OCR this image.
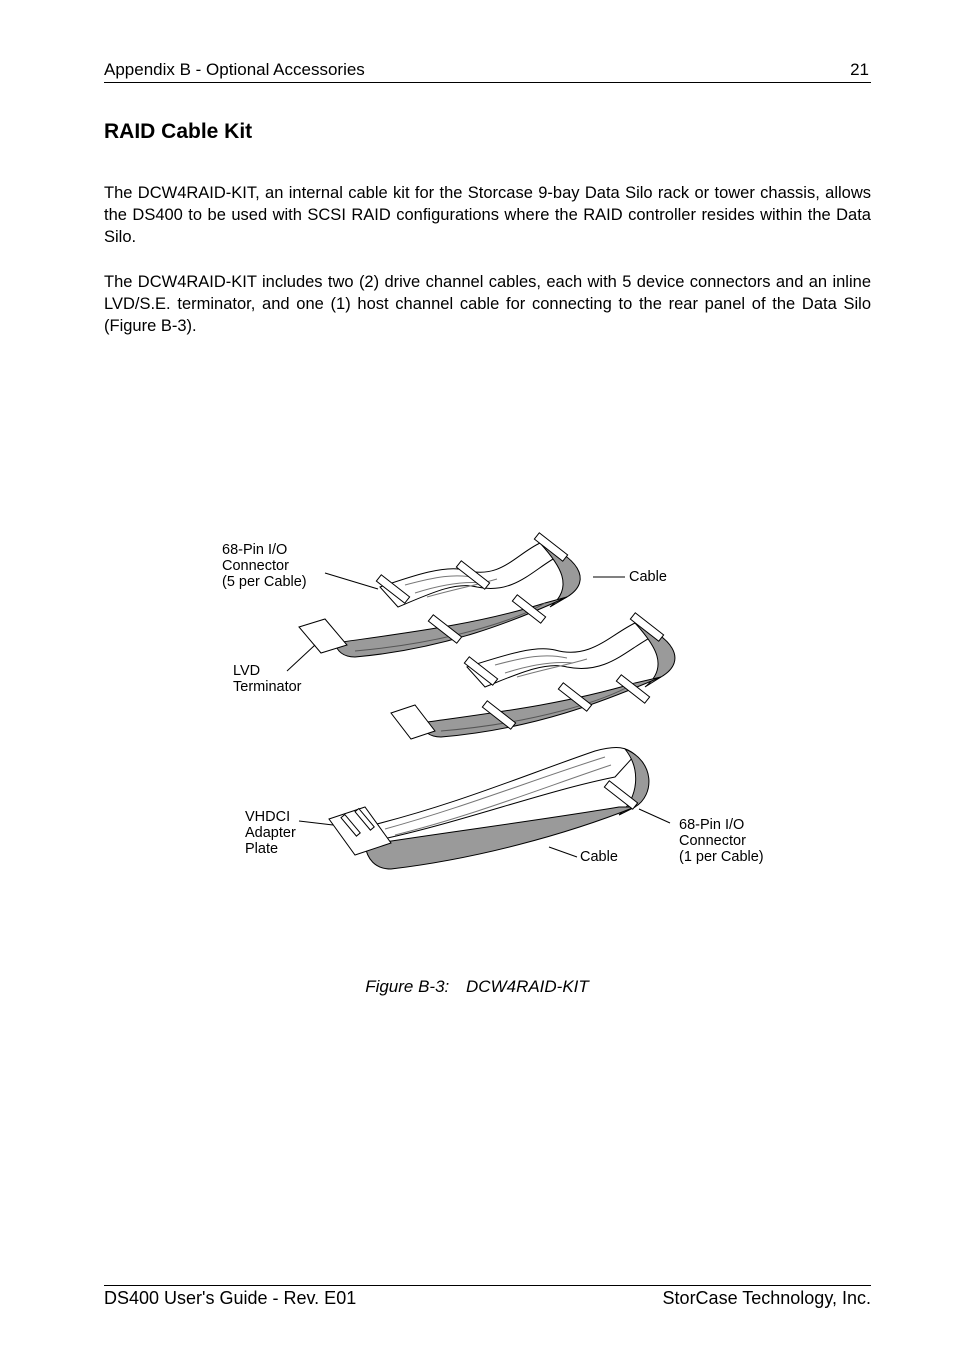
Appendix B - Optional Accessories	21
RAID Cable Kit

The DCW4RAID-KIT, an internal cable kit for the Storcase 9-bay Data Silo rack or tower chassis, allows the DS400 to be used with SCSI RAID configurations where the RAID controller resides within the Data Silo.

The DCW4RAID-KIT includes two (2) drive channel cables, each with 5 device connectors and an inline LVD/S.E. terminator, and one (1) host channel cable for connecting to the rear panel of the Data Silo (Figure B-3).

68-Pin I/O
Connector
(5 per Cable)	Cable
LVD
Terminator
VHDCI
Adapter
Plate	Cable
68-Pin I/O
Connector
(1 per Cable)
Figure B-3: DCW4RAID-KIT
DS400 User's Guide - Rev. E01	StorCase Technology, Inc.
